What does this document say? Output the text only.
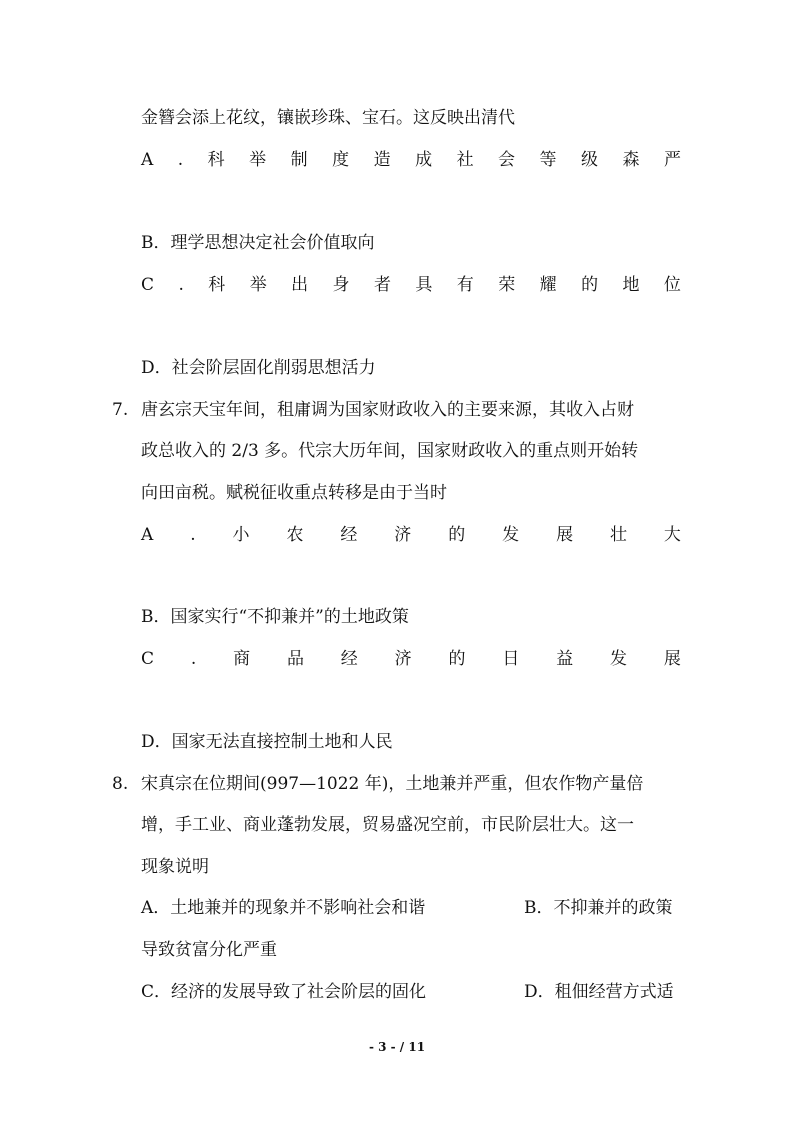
金簪会添上花纹，镶嵌珍珠、宝石。这反映出清代

A . 科 举 制 度 造 成 社 会 等 级 森 严

B．理学思想决定社会价值取向

C . 科 举 出 身 者 具 有 荣 耀 的 地 位

D．社会阶层固化削弱思想活力

7. 唐玄宗天宝年间，租庸调为国家财政收入的主要来源，其收入占财

政总收入的 2/3 多。代宗大历年间，国家财政收入的重点则开始转

向田亩税。赋税征收重点转移是由于当时

A . 小 农 经 济 的 发 展 壮 大

B．国家实行“不抑兼并”的土地政策

C . 商 品 经 济 的 日 益 发 展

D．国家无法直接控制土地和人民

8. 宋真宗在位期间(997—1022 年)，土地兼并严重，但农作物产量倍

增，手工业、商业蓬勃发展，贸易盛况空前，市民阶层壮大。这一

现象说明

A．土地兼并的现象并不影响社会和谐	B．不抑兼并的政策

导致贫富分化严重

C．经济的发展导致了社会阶层的固化	D．租佃经营方式适

- 3 - / 11
